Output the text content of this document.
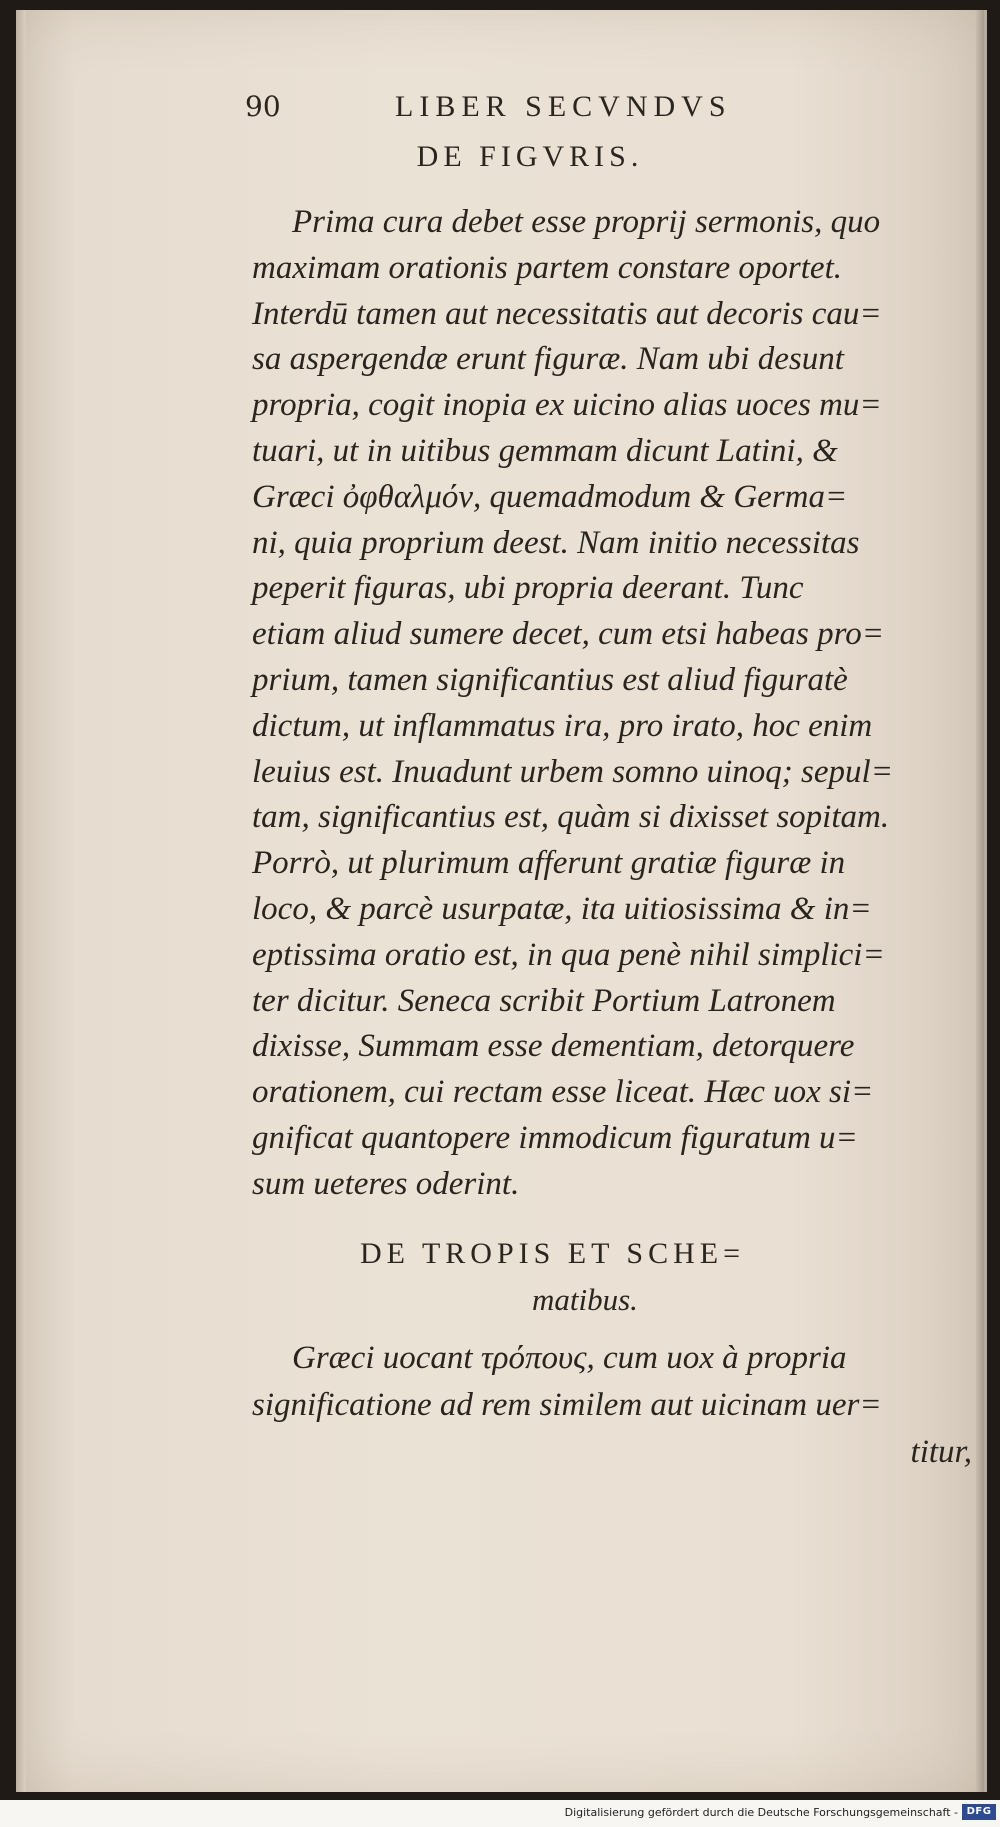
90	LIBER SECVNDVS
DE FIGVRIS.
Prima cura debet esse proprij sermonis, quo
maximam orationis partem constare oportet.
Interdū tamen aut necessitatis aut decoris cau=
sa aspergendæ erunt figuræ. Nam ubi desunt
propria, cogit inopia ex uicino alias uoces mu=
tuari, ut in uitibus gemmam dicunt Latini, &
Græci ὀφθαλμόν, quemadmodum & Germa=
ni, quia proprium deest. Nam initio necessitas
peperit figuras, ubi propria deerant. Tunc
etiam aliud sumere decet, cum etsi habeas pro=
prium, tamen significantius est aliud figuratè
dictum, ut inflammatus ira, pro irato, hoc enim
leuius est. Inuadunt urbem somno uinoq; sepul=
tam, significantius est, quàm si dixisset sopitam.
Porrò, ut plurimum afferunt gratiæ figuræ in
loco, & parcè usurpatæ, ita uitiosissima & in=
eptissima oratio est, in qua penè nihil simplici=
ter dicitur. Seneca scribit Portium Latronem
dixisse, Summam esse dementiam, detorquere
orationem, cui rectam esse liceat. Hæc uox si=
gnificat quantopere immodicum figuratum u=
sum ueteres oderint.
DE TROPIS ET SCHE=
matibus.
Græci uocant τρόπους, cum uox à propria
significatione ad rem similem aut uicinam uer=
titur,
Digitalisierung gefördert durch die Deutsche Forschungsgemeinschaft - DFG
